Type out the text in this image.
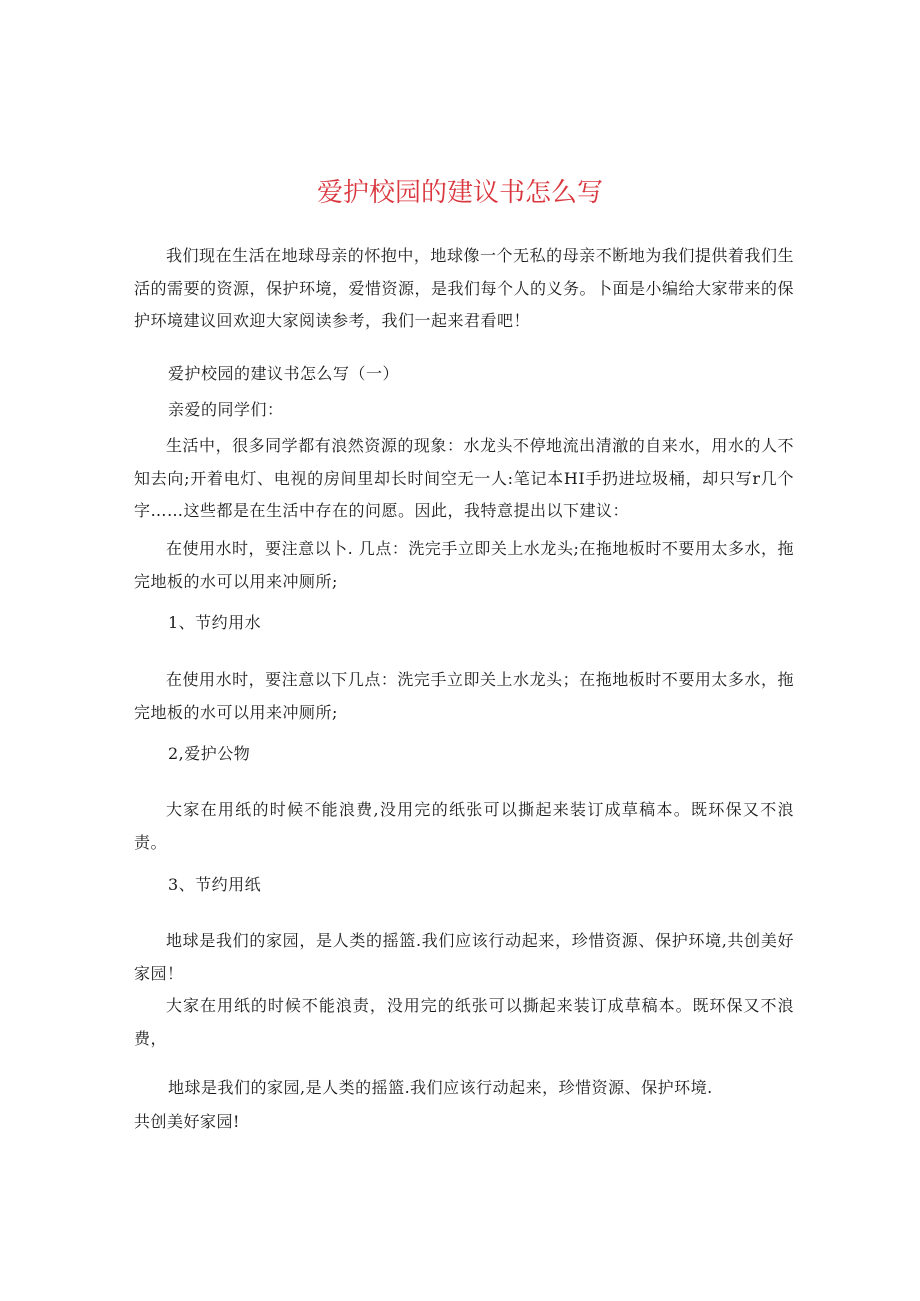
爱护校园的建议书怎么写

我们现在生活在地球母亲的怀抱中，地球像一个无私的母亲不断地为我们提供着我们生活的需要的资源，保护环境，爱惜资源，是我们每个人的义务。卜面是小编给大家带来的保护环境建议回欢迎大家阅读参考，我们一起来君看吧！

爱护校园的建议书怎么写（一）

亲爱的同学们：

生活中，很多同学都有浪然资源的现象：水龙头不停地流出清澈的自来水，用水的人不知去向;开着电灯、电视的房间里却长时间空无一人:笔记本HI手扔进垃圾桶，却只写r几个字……这些都是在生活中存在的问愿。因此，我特意提出以下建议：

在使用水时，要注意以卜. 几点：洗完手立即关上水龙头;在拖地板时不要用太多水，拖完地板的水可以用来冲厕所;

1、节约用水

在使用水时，要注意以下几点：洗完手立即关上水龙头；在拖地板时不要用太多水，拖完地板的水可以用来冲厕所;

2,爱护公物

大家在用纸的时候不能浪费,没用完的纸张可以撕起来装订成草稿本。既环保又不浪责。

3、节约用纸

地球是我们的家园，是人类的摇篮.我们应该行动起来，珍惜资源、保护环境,共创美好家园！

大家在用纸的时候不能浪责，没用完的纸张可以撕起来装订成草稿本。既环保又不浪费，

地球是我们的家园,是人类的摇篮.我们应该行动起来，珍惜资源、保护环境.

共创美好家园!
